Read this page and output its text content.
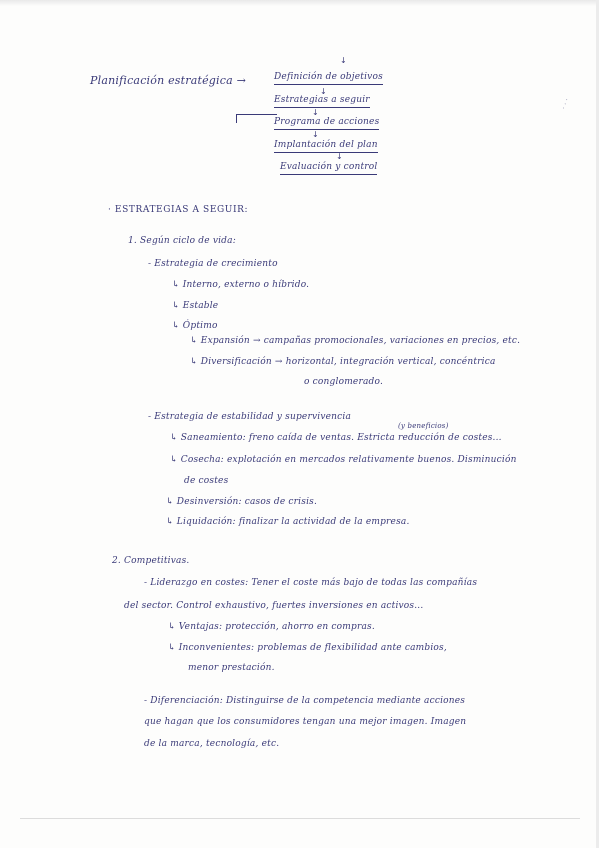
Planificación estratégica →
↓
Definición de objetivos
↓
Estrategias a seguir
↓
Programa de acciones
↓
Implantación del plan
↓
Evaluación y control
· · ·
· ESTRATEGIAS A SEGUIR:
1. Según ciclo de vida:
- Estrategia de crecimiento
↳ Interno, externo o híbrido.
↳ Estable
↳ Óptimo
↳ Expansión → campañas promocionales, variaciones en precios, etc.
↳ Diversificación → horizontal, integración vertical, concéntrica
o conglomerado.
- Estrategia de estabilidad y supervivencia
(y beneficios)
↳ Saneamiento: freno caída de ventas. Estricta reducción de costes...
↳ Cosecha: explotación en mercados relativamente buenos. Disminución
de costes
↳ Desinversión: casos de crisis.
↳ Liquidación: finalizar la actividad de la empresa.
2. Competitivas.
- Liderazgo en costes: Tener el coste más bajo de todas las compañías
del sector. Control exhaustivo, fuertes inversiones en activos...
↳ Ventajas: protección, ahorro en compras.
↳ Inconvenientes: problemas de flexibilidad ante cambios,
menor prestación.
- Diferenciación: Distinguirse de la competencia mediante acciones
que hagan que los consumidores tengan una mejor imagen. Imagen
de la marca, tecnología, etc.
